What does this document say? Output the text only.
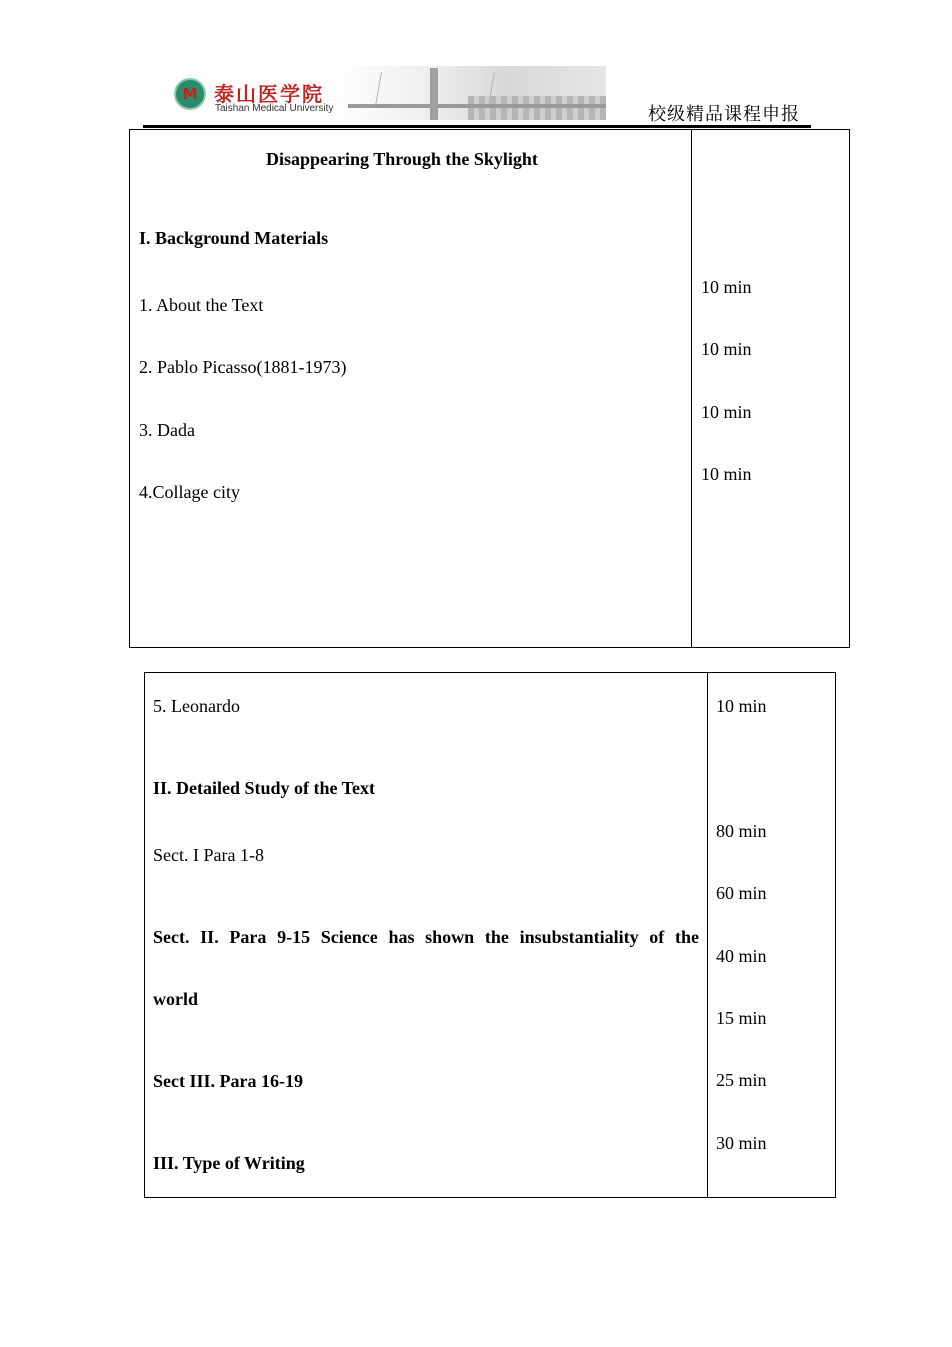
M 泰山医学院
Taishan Medical University	校级精品课程申报
Disappearing Through the Skylight
I. Background Materials
1. About the Text
2. Pablo Picasso(1881-1973)
3. Dada
4.Collage city
10 min
10 min
10 min
10 min
5. Leonardo	10 min
II. Detailed Study of the Text
Sect. I Para 1-8
Sect. II. Para 9-15 Science has shown the insubstantiality of the
world
Sect III. Para 16-19
III. Type of Writing
80 min
60 min
40 min
15 min
25 min
30 min
